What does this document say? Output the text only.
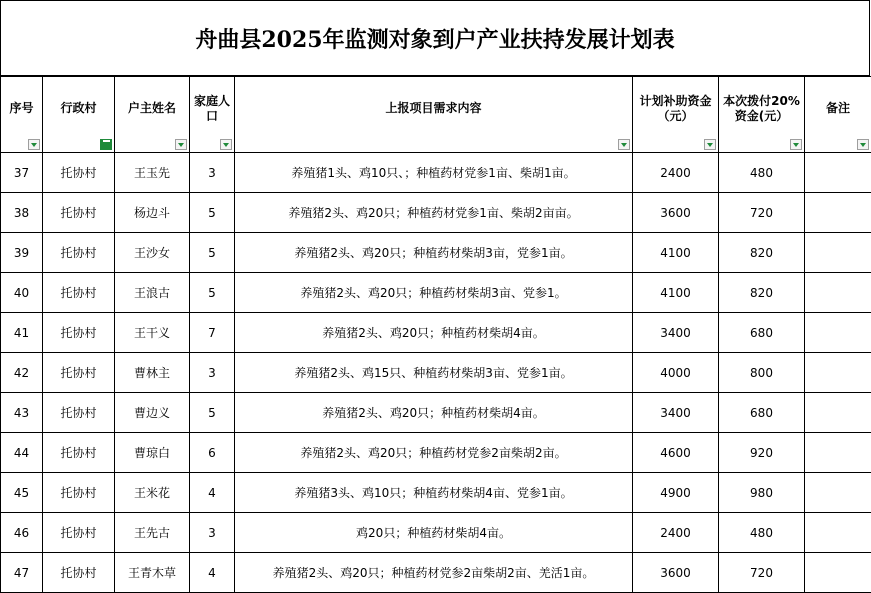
舟曲县2025年监测对象到户产业扶持发展计划表
序号	行政村	户主姓名	家庭人口	上报项目需求内容	计划补助资金（元）	本次拨付20%资金(元）	备注

37	托协村	王玉先	3	养殖猪1头、鸡10只、；种植药材党参1亩、柴胡1亩。	2400	480	
38	托协村	杨边斗	5	养殖猪2头、鸡20只；种植药材党参1亩、柴胡2亩亩。	3600	720	
39	托协村	王沙女	5	养殖猪2头、鸡20只；种植药材柴胡3亩，党参1亩。	4100	820	
40	托协村	王浪古	5	养殖猪2头、鸡20只；种植药材柴胡3亩、党参1。	4100	820	
41	托协村	王干义	7	养殖猪2头、鸡20只；种植药材柴胡4亩。	3400	680	
42	托协村	曹林主	3	养殖猪2头、鸡15只、种植药材柴胡3亩、党参1亩。	4000	800	
43	托协村	曹边义	5	养殖猪2头、鸡20只；种植药材柴胡4亩。	3400	680	
44	托协村	曹琼白	6	养殖猪2头、鸡20只；种植药材党参2亩柴胡2亩。	4600	920	
45	托协村	王米花	4	养殖猪3头、鸡10只；种植药材柴胡4亩、党参1亩。	4900	980	
46	托协村	王先古	3	鸡20只；种植药材柴胡4亩。	2400	480	
47	托协村	王青木草	4	养殖猪2头、鸡20只；种植药材党参2亩柴胡2亩、羌活1亩。	3600	720	
